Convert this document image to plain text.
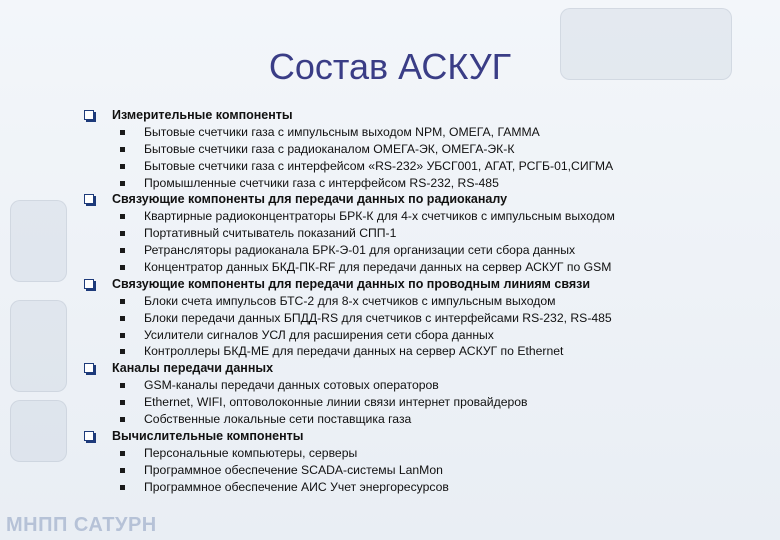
Состав АСКУГ
Измерительные компоненты
Бытовые счетчики газа с импульсным выходом NPM, ОМЕГА, ГАММА
Бытовые счетчики газа с радиоканалом ОМЕГА-ЭК, ОМЕГА-ЭК-К
Бытовые счетчики газа с интерфейсом «RS-232» УБСГ001, АГАТ, РСГБ-01,СИГМА
Промышленные счетчики газа с интерфейсом RS-232, RS-485
Связующие компоненты для передачи данных по радиоканалу
Квартирные радиоконцентраторы БРК-К для 4-х счетчиков с импульсным выходом
Портативный считыватель показаний СПП-1
Ретрансляторы радиоканала БРК-Э-01 для организации сети сбора данных
Концентратор данных БКД-ПК-RF для передачи данных на сервер АСКУГ по GSM
Связующие компоненты для передачи данных по проводным линиям связи
Блоки счета импульсов БТС-2 для 8-х счетчиков с импульсным выходом
Блоки передачи данных БПДД-RS для счетчиков с интерфейсами RS-232, RS-485
Усилители сигналов УСЛ для расширения сети сбора данных
Контроллеры БКД-МЕ для передачи данных на сервер АСКУГ по Ethernet
Каналы передачи данных
GSM-каналы передачи данных сотовых операторов
Ethernet, WIFI, оптоволоконные линии связи интернет провайдеров
Собственные локальные сети поставщика газа
Вычислительные компоненты
Персональные компьютеры, серверы
Программное обеспечение SCADA-системы LanMon
Программное обеспечение АИС Учет энергоресурсов
МНПП САТУРН
